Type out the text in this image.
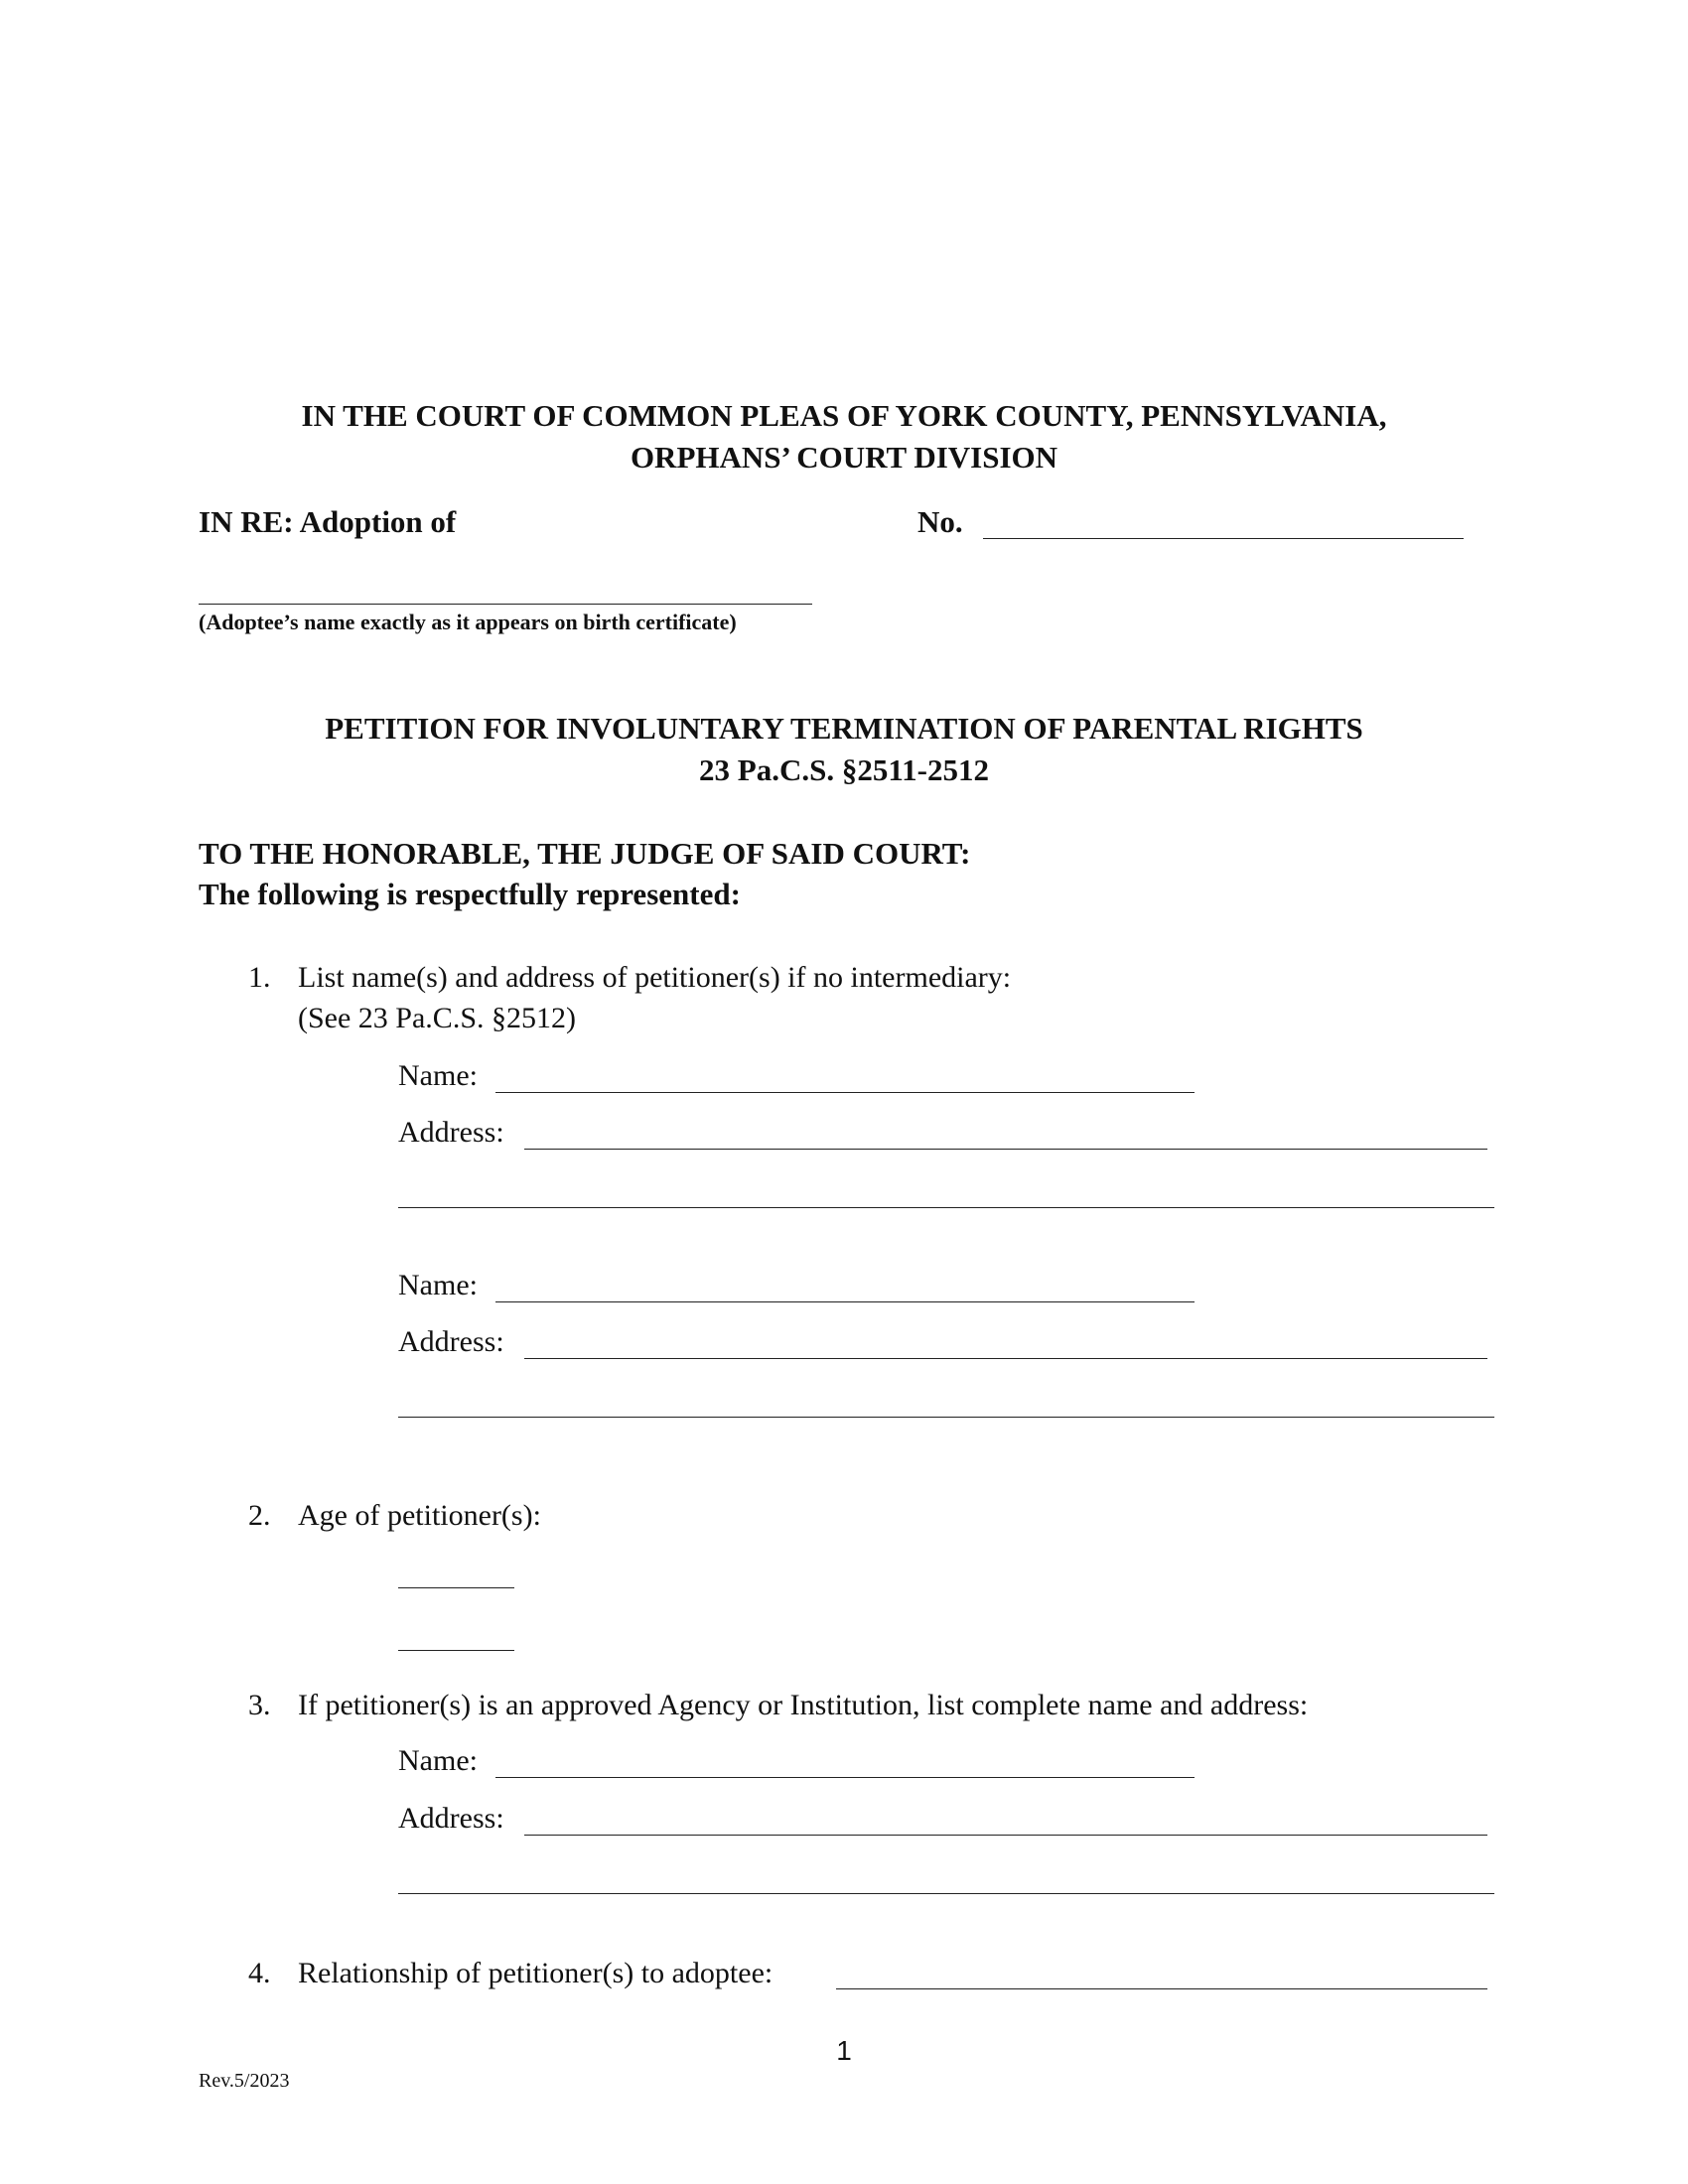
IN THE COURT OF COMMON PLEAS OF YORK COUNTY, PENNSYLVANIA,
ORPHANS’ COURT DIVISION
IN RE: Adoption of	No.
(Adoptee’s name exactly as it appears on birth certificate)
PETITION FOR INVOLUNTARY TERMINATION OF PARENTAL RIGHTS
23 Pa.C.S. §2511-2512
TO THE HONORABLE, THE JUDGE OF SAID COURT:
The following is respectfully represented:
1. List name(s) and address of petitioner(s) if no intermediary:
(See 23 Pa.C.S. §2512)
Name:
Address:
Name:
Address:
2. Age of petitioner(s):
3. If petitioner(s) is an approved Agency or Institution, list complete name and address:
Name:
Address:
4. Relationship of petitioner(s) to adoptee:
1
Rev.5/2023
